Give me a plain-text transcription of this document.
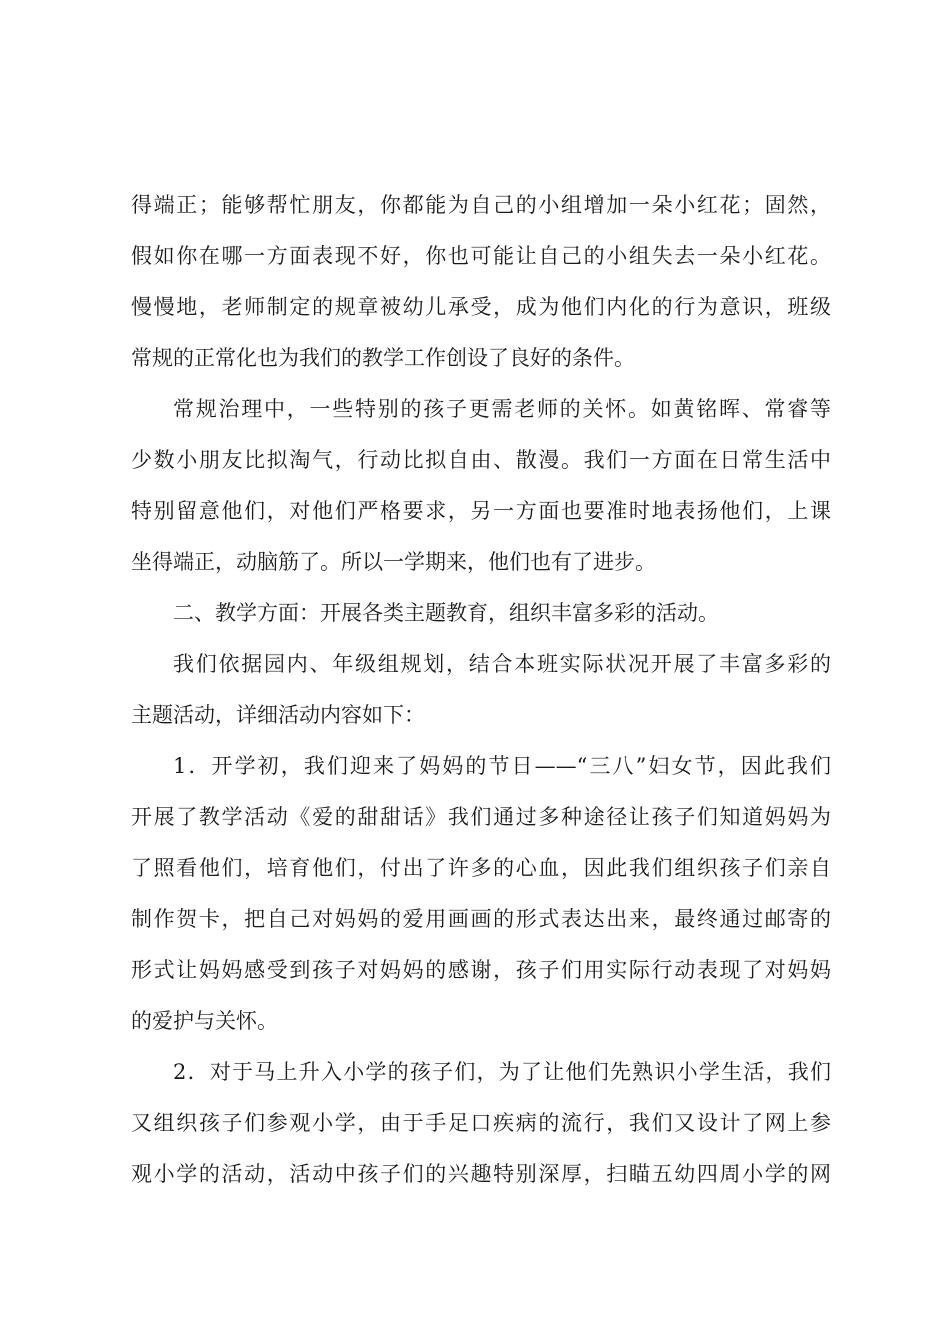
得端正；能够帮忙朋友，你都能为自己的小组增加一朵小红花；固然，
假如你在哪一方面表现不好，你也可能让自己的小组失去一朵小红花。
慢慢地，老师制定的规章被幼儿承受，成为他们内化的行为意识，班级
常规的正常化也为我们的教学工作创设了良好的条件。
常规治理中，一些特别的孩子更需老师的关怀。如黄铭晖、常睿等
少数小朋友比拟淘气，行动比拟自由、散漫。我们一方面在日常生活中
特别留意他们，对他们严格要求，另一方面也要准时地表扬他们，上课
坐得端正，动脑筋了。所以一学期来，他们也有了进步。
二、教学方面：开展各类主题教育，组织丰富多彩的活动。
我们依据园内、年级组规划，结合本班实际状况开展了丰富多彩的
主题活动，详细活动内容如下：
1．开学初，我们迎来了妈妈的节日——“三八”妇女节，因此我们
开展了教学活动《爱的甜甜话》我们通过多种途径让孩子们知道妈妈为
了照看他们，培育他们，付出了许多的心血，因此我们组织孩子们亲自
制作贺卡，把自己对妈妈的爱用画画的形式表达出来，最终通过邮寄的
形式让妈妈感受到孩子对妈妈的感谢，孩子们用实际行动表现了对妈妈
的爱护与关怀。
2．对于马上升入小学的孩子们，为了让他们先熟识小学生活，我们
又组织孩子们参观小学，由于手足口疾病的流行，我们又设计了网上参
观小学的活动，活动中孩子们的兴趣特别深厚，扫瞄五幼四周小学的网
